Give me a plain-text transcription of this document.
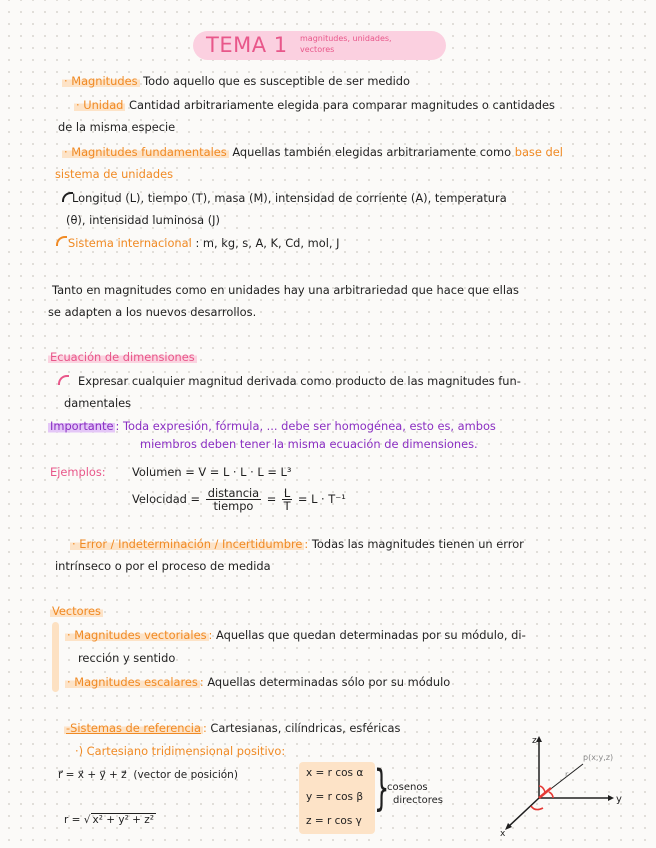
TEMA 1 magnitudes, unidades,
vectores
· Magnitudes Todo aquello que es susceptible de ser medido
· Unidad Cantidad arbitrariamente elegida para comparar magnitudes o cantidades
de la misma especie
· Magnitudes fundamentales Aquellas también elegidas arbitrariamente como base del
sistema de unidades
Longitud (L), tiempo (T), masa (M), intensidad de corriente (A), temperatura
(θ), intensidad luminosa (J)
Sistema internacional : m, kg, s, A, K, Cd, mol, J
Tanto en magnitudes como en unidades hay una arbitrariedad que hace que ellas
se adapten a los nuevos desarrollos.
Ecuación de dimensiones
Expresar cualquier magnitud derivada como producto de las magnitudes fun-
damentales
Importante : Toda expresión, fórmula, ... debe ser homogénea, esto es, ambos
miembros deben tener la misma ecuación de dimensiones.
Ejemplos: Volumen = V = L · L · L = L³
Velocidad = $\frac{\text{distancia}}{\text{tiempo}} = \frac{L}{T} = L \cdot T^{-1}$
· Error / Indeterminación / Incertidumbre : Todas las magnitudes tienen un error
intrínseco o por el proceso de medida
Vectores
· Magnitudes vectoriales : Aquellas que quedan determinadas por su módulo, di-
rección y sentido
· Magnitudes escalares : Aquellas determinadas sólo por su módulo
-Sistemas de referencia : Cartesianas, cilíndricas, esféricas
·) Cartesiano tridimensional positivo:
r⃗ = x⃗ + y⃗ + z⃗ (vector de posición)
r = √ x² + y² + z²
x = r cos α
y = r cos β
z = r cos γ
}
cosenos
directores
z
y
x
p(x,y,z)
r
